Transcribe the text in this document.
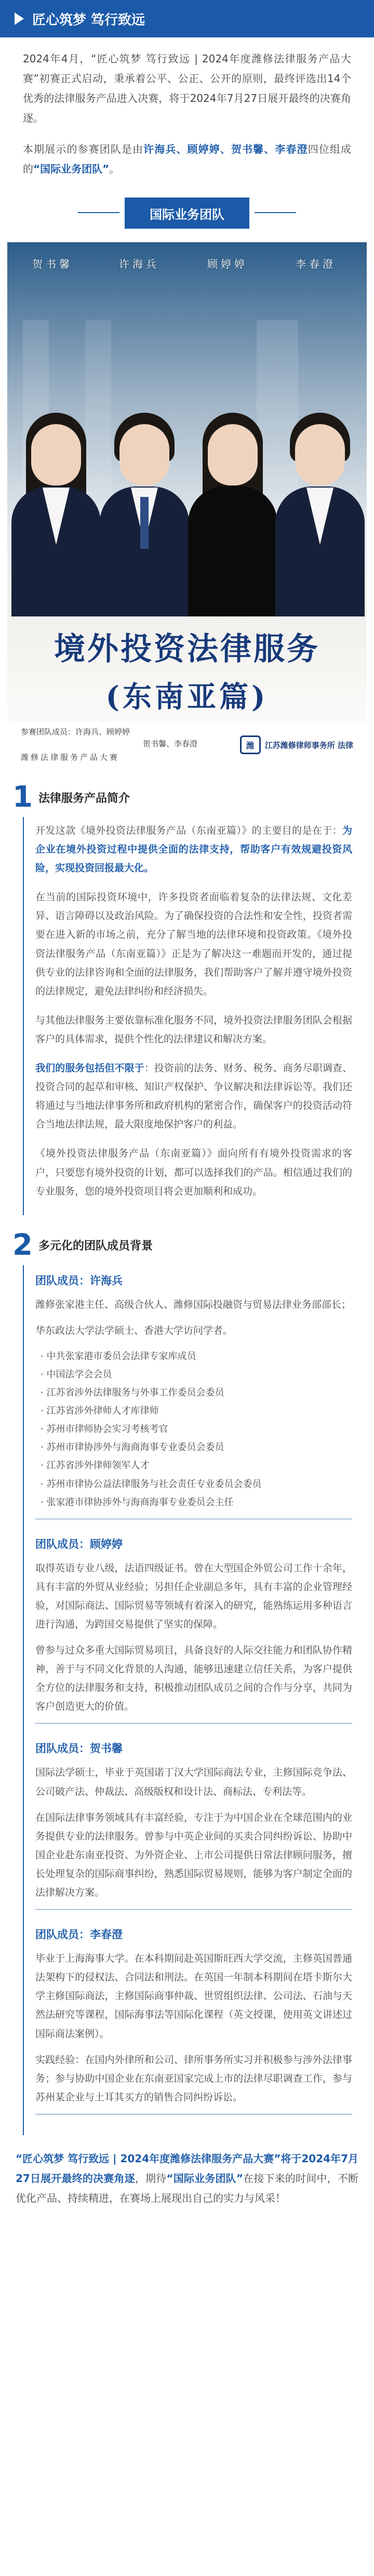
匠心筑梦 笃行致远

2024年4月，“匠心筑梦 笃行致远 | 2024年度潍修法律服务产品大赛”初赛正式启动，秉承着公平、公正、公开的原则，最终评选出14个优秀的法律服务产品进入决赛，将于2024年7月27日展开最终的决赛角逐。

本期展示的参赛团队是由许海兵、顾婷婷、贺书馨、李春澄四位组成的“国际业务团队”。

国际业务团队
贺书馨	许海兵	顾婷婷	李春澄
境外投资法律服务
(东南亚篇)
参赛团队成员：许海兵、顾婷婷
贺书馨、李春澄
潍修法律服务产品大赛
潍	江苏潍修律师事务所 法律
1 法律服务产品简介

开发这款《境外投资法律服务产品（东南亚篇）》的主要目的是在于：为企业在境外投资过程中提供全面的法律支持，帮助客户有效规避投资风险，实现投资回报最大化。

在当前的国际投资环境中，许多投资者面临着复杂的法律法规、文化差异、语言障碍以及政治风险。为了确保投资的合法性和安全性，投资者需要在进入新的市场之前，充分了解当地的法律环境和投资政策。《境外投资法律服务产品（东南亚篇）》正是为了解决这一难题而开发的，通过提供专业的法律咨询和全面的法律服务，我们帮助客户了解并遵守境外投资的法律规定，避免法律纠纷和经济损失。

与其他法律服务主要依靠标准化服务不同，境外投资法律服务团队会根据客户的具体需求，提供个性化的法律建议和解决方案。

我们的服务包括但不限于：投资前的法务、财务、税务、商务尽职调查、投资合同的起草和审核、知识产权保护、争议解决和法律诉讼等。我们还将通过与当地法律事务所和政府机构的紧密合作，确保客户的投资活动符合当地法律法规，最大限度地保护客户的利益。

《境外投资法律服务产品（东南亚篇）》面向所有有境外投资需求的客户，只要您有境外投资的计划，都可以选择我们的产品。相信通过我们的专业服务，您的境外投资项目将会更加顺利和成功。

2 多元化的团队成员背景
团队成员：许海兵

潍修张家港主任、高级合伙人、潍修国际投融资与贸易法律业务部部长；

华东政法大学法学硕士、香港大学访问学者。

· 中共张家港市委员会法律专家库成员
· 中国法学会会员
· 江苏省涉外法律服务与外事工作委员会委员
· 江苏省涉外律师人才库律师
· 苏州市律师协会实习考核考官
· 苏州市律协涉外与海商海事专业委员会委员
· 江苏省涉外律师领军人才
· 苏州市律协公益法律服务与社会责任专业委员会委员
· 张家港市律协涉外与海商海事专业委员会主任
团队成员：顾婷婷

取得英语专业八级，法语四级证书。曾在大型国企外贸公司工作十余年，具有丰富的外贸从业经验；另担任企业副总多年，具有丰富的企业管理经验，对国际商法、国际贸易等领域有着深入的研究，能熟练运用多种语言进行沟通，为跨国交易提供了坚实的保障。

曾参与过众多重大国际贸易项目，具备良好的人际交往能力和团队协作精神，善于与不同文化背景的人沟通，能够迅速建立信任关系，为客户提供全方位的法律服务和支持，积极推动团队成员之间的合作与分享，共同为客户创造更大的价值。

团队成员：贺书馨

国际法学硕士，毕业于英国诺丁汉大学国际商法专业，主修国际竞争法、公司破产法、仲裁法、高级版权和设计法、商标法、专利法等。

在国际法律事务领域具有丰富经验，专注于为中国企业在全球范围内的业务提供专业的法律服务。曾参与中英企业间的买卖合同纠纷诉讼、协助中国企业赴东南亚投资、为外资企业、上市公司提供日常法律顾问服务，擅长处理复杂的国际商事纠纷，熟悉国际贸易规则，能够为客户制定全面的法律解决方案。

团队成员：李春澄

毕业于上海海事大学。在本科期间赴英国斯旺西大学交流，主修英国普通法架构下的侵权法、合同法和刑法。在英国一年制本科期间在塔卡斯尔大学主修国际商法，主修国际商事仲裁、世贸组织法律、公司法、石油与天然法研究等课程，国际海事法等国际化课程（英文授课，使用英文讲述过国际商法案例）。

实践经验：在国内外律所和公司、律所事务所实习并积极参与涉外法律事务；参与协助中国企业在东南亚国家完成上市的法律尽职调查工作，参与苏州某企业与土耳其买方的销售合同纠纷诉讼。

“匠心筑梦 笃行致远 | 2024年度潍修法律服务产品大赛”将于2024年7月27日展开最终的决赛角逐，期待“国际业务团队”在接下来的时间中，不断优化产品、持续精进，在赛场上展现出自己的实力与风采！
